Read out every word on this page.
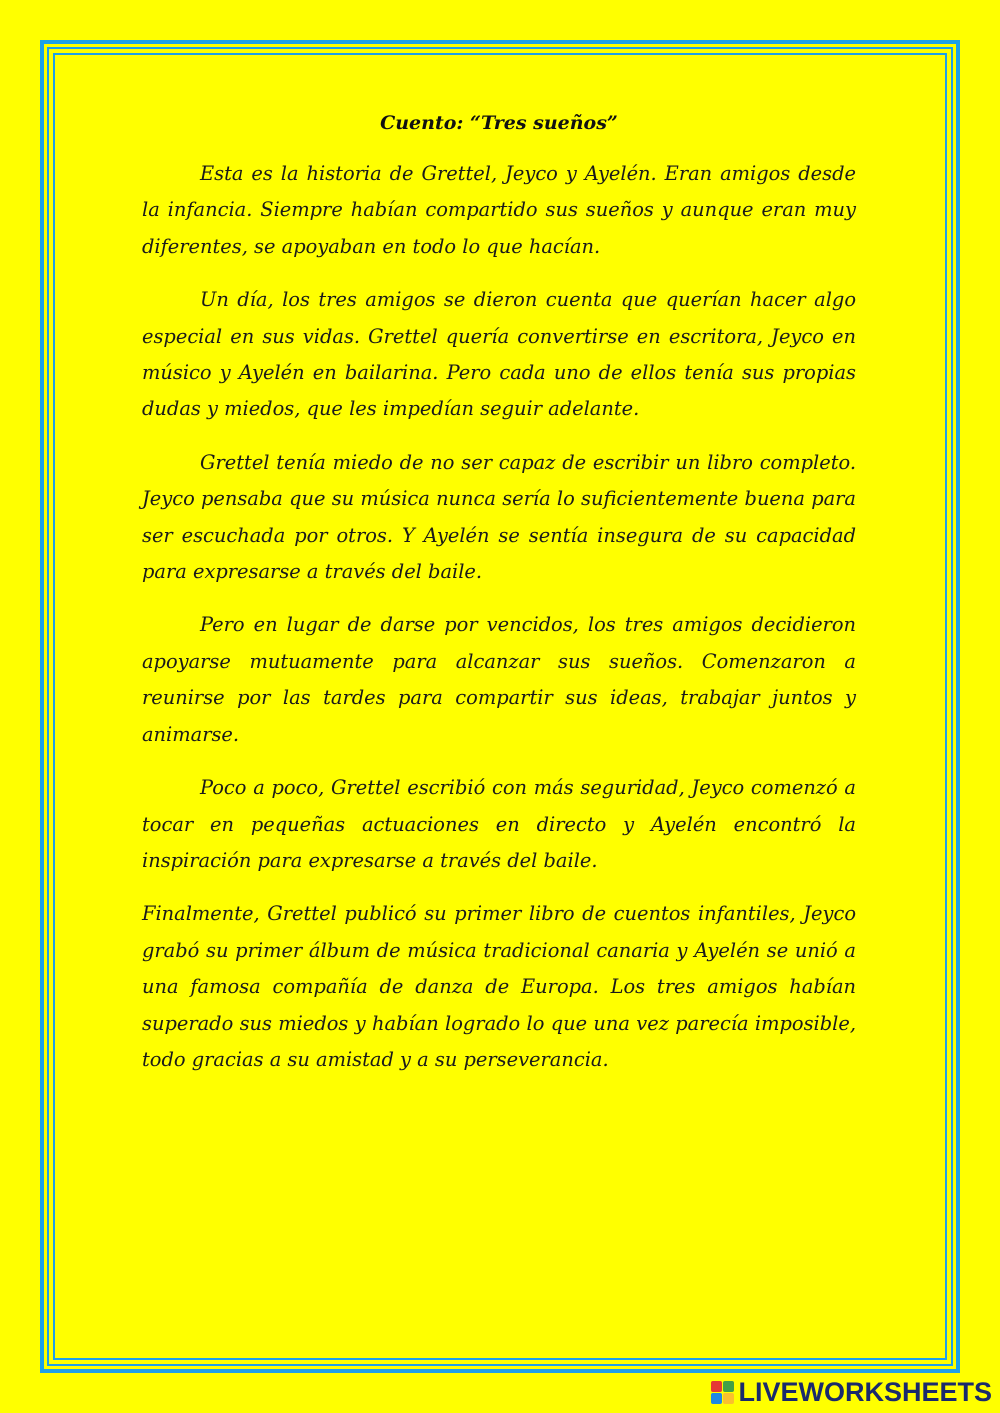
Cuento: “Tres sueños”
Esta es la historia de Grettel, Jeyco y Ayelén. Eran amigos desde la infancia. Siempre habían compartido sus sueños y aunque eran muy diferentes, se apoyaban en todo lo que hacían.
Un día, los tres amigos se dieron cuenta que querían hacer algo especial en sus vidas. Grettel quería convertirse en escritora, Jeyco en músico y Ayelén en bailarina. Pero cada uno de ellos tenía sus propias dudas y miedos, que les impedían seguir adelante.
Grettel tenía miedo de no ser capaz de escribir un libro completo. Jeyco pensaba que su música nunca sería lo suficientemente buena para ser escuchada por otros. Y Ayelén se sentía insegura de su capacidad para expresarse a través del baile.
Pero en lugar de darse por vencidos, los tres amigos decidieron apoyarse mutuamente para alcanzar sus sueños. Comenzaron a reunirse por las tardes para compartir sus ideas, trabajar juntos y animarse.
Poco a poco, Grettel escribió con más seguridad, Jeyco comenzó a tocar en pequeñas actuaciones en directo y Ayelén encontró la inspiración para expresarse a través del baile.
Finalmente, Grettel publicó su primer libro de cuentos infantiles, Jeyco grabó su primer álbum de música tradicional canaria y Ayelén se unió a una famosa compañía de danza de Europa. Los tres amigos habían superado sus miedos y habían logrado lo que una vez parecía imposible, todo gracias a su amistad y a su perseverancia.
LIVEWORKSHEETS
